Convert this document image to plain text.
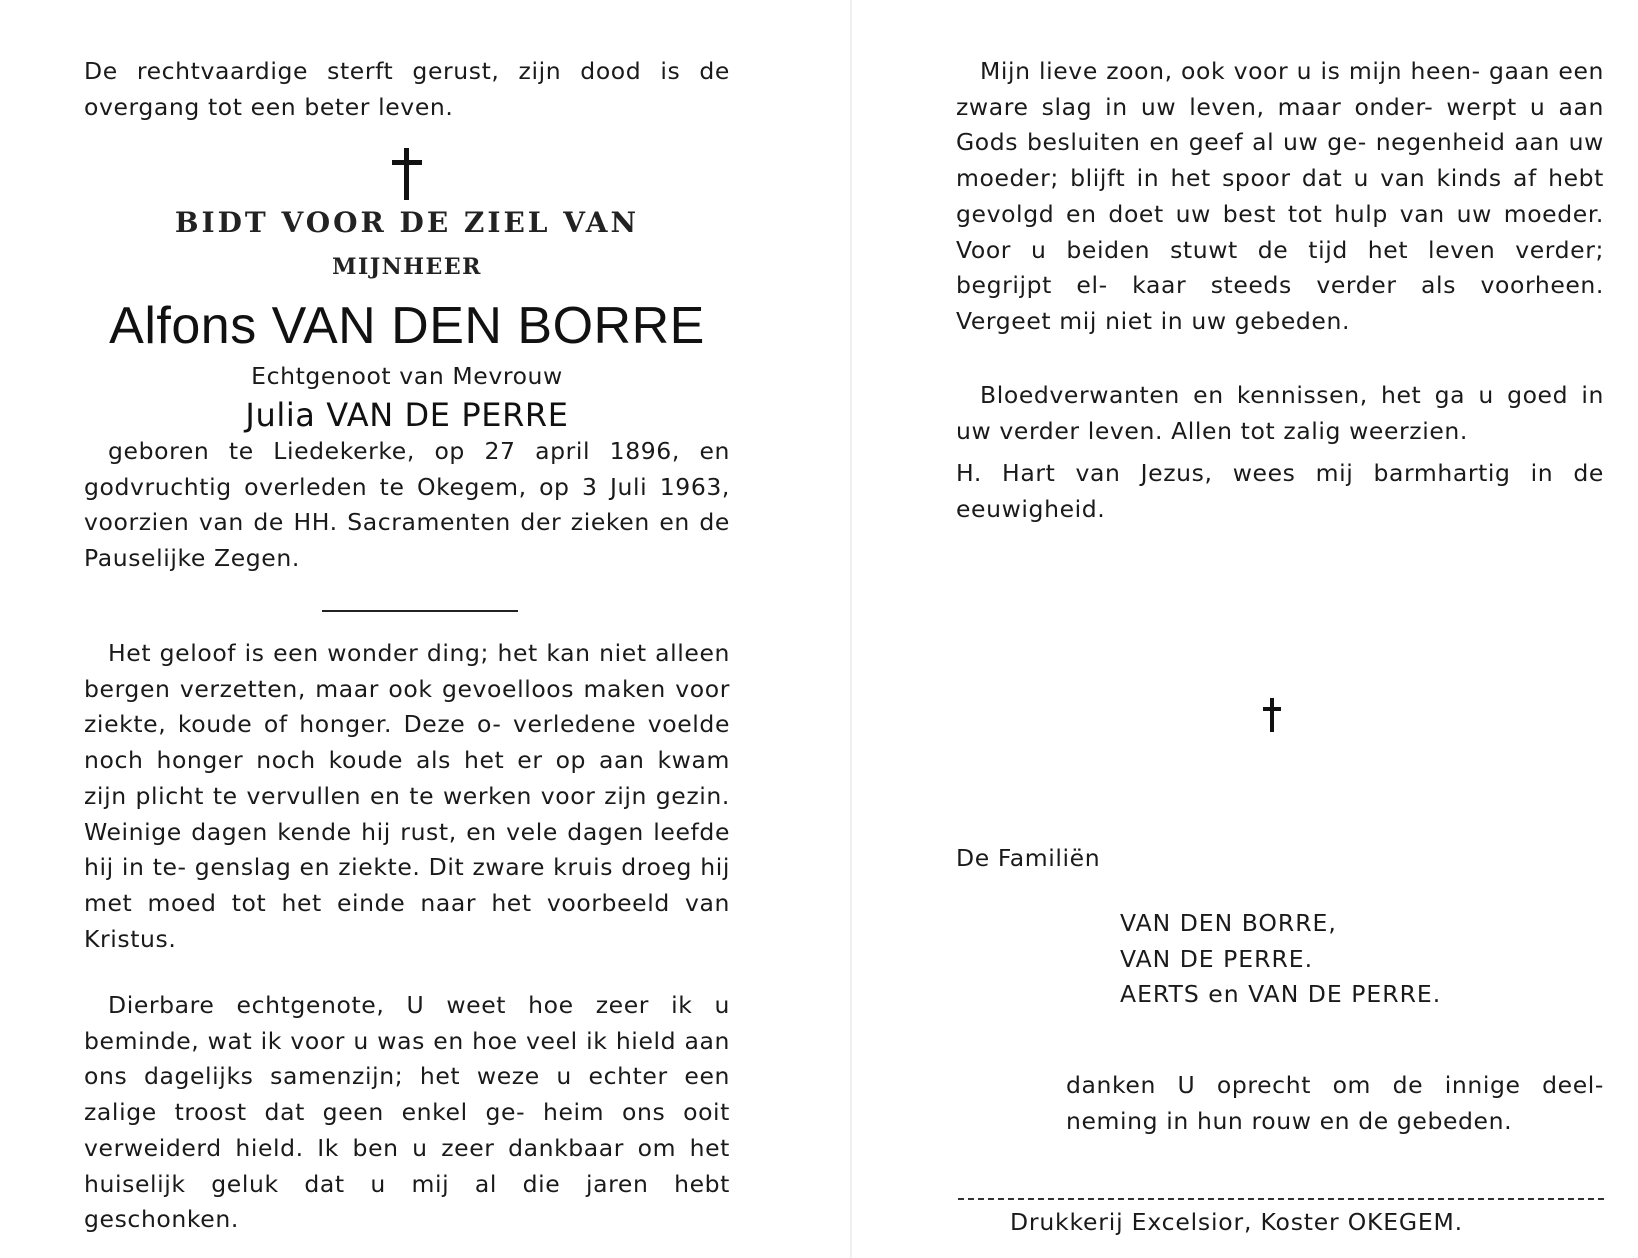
De rechtvaardige sterft gerust, zijn dood is de overgang tot een beter leven.

BIDT VOOR DE ZIEL VAN

MIJNHEER

Alfons VAN DEN BORRE

Echtgenoot van Mevrouw

Julia VAN DE PERRE

geboren te Liedekerke, op 27 april 1896, en godvruchtig overleden te Okegem, op 3 Juli 1963, voorzien van de HH. Sacramenten der zieken en de Pauselijke Zegen.

Het geloof is een wonder ding; het kan niet alleen bergen verzetten, maar ook gevoelloos maken voor ziekte, koude of honger. Deze o- verledene voelde noch honger noch koude als het er op aan kwam zijn plicht te vervullen en te werken voor zijn gezin. Weinige dagen kende hij rust, en vele dagen leefde hij in te- genslag en ziekte. Dit zware kruis droeg hij met moed tot het einde naar het voorbeeld van Kristus.

Dierbare echtgenote, U weet hoe zeer ik u beminde, wat ik voor u was en hoe veel ik hield aan ons dagelijks samenzijn; het weze u echter een zalige troost dat geen enkel ge- heim ons ooit verweiderd hield. Ik ben u zeer dankbaar om het huiselijk geluk dat u mij al die jaren hebt geschonken.

Mijn lieve zoon, ook voor u is mijn heen- gaan een zware slag in uw leven, maar onder- werpt u aan Gods besluiten en geef al uw ge- negenheid aan uw moeder; blijft in het spoor dat u van kinds af hebt gevolgd en doet uw best tot hulp van uw moeder. Voor u beiden stuwt de tijd het leven verder; begrijpt el- kaar steeds verder als voorheen. Vergeet mij niet in uw gebeden.

Bloedverwanten en kennissen, het ga u goed in uw verder leven. Allen tot zalig weerzien.

H. Hart van Jezus, wees mij barmhartig in de eeuwigheid.

De Familiën

VAN DEN BORRE,
VAN DE PERRE.
AERTS en VAN DE PERRE.

danken U oprecht om de innige deel- neming in hun rouw en de gebeden.

Drukkerij Excelsior, Koster OKEGEM.
